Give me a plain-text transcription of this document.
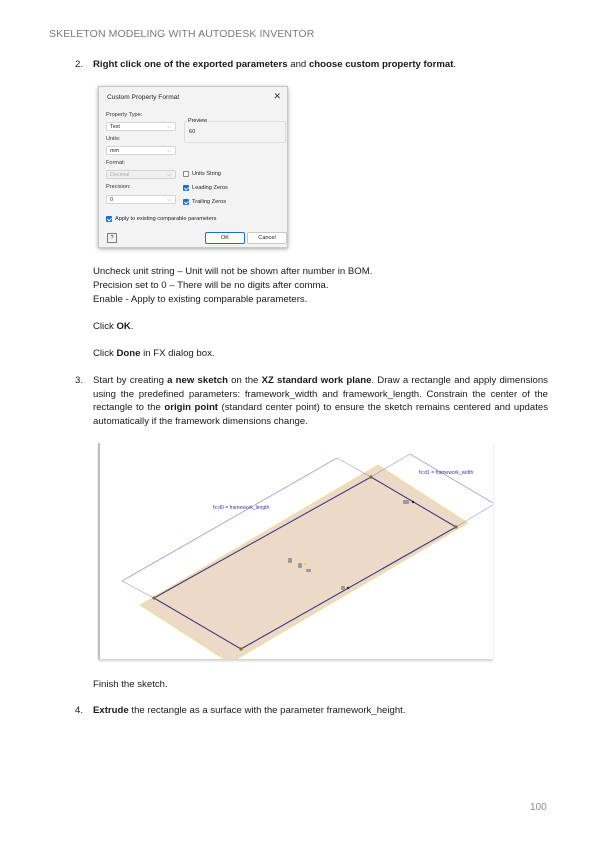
SKELETON MODELING WITH AUTODESK INVENTOR
2. Right click one of the exported parameters and choose custom property format.
Custom Property Format	✕
Property Type:
Text	⌵
Units:
mm	⌵
Preview
60
Format:
Decimal	⌵
Precision:
0	⌵
Units String
Leading Zeros
Trailing Zeros
Apply to existing comparable parameters
?	OK	Cancel
Uncheck unit string – Unit will not be shown after number in BOM.
Precision set to 0 – There will be no digits after comma.
Enable - Apply to existing comparable parameters.
Click OK.
Click Done in FX dialog box.
3. Start by creating a new sketch on the XZ standard work plane. Draw a rectangle and apply dimensions using the predefined parameters: framework_width and framework_length. Constrain the center of the rectangle to the origin point (standard center point) to ensure the sketch remains centered and updates automatically if the framework dimensions change.
fx:d0 = framework_length
fx:d1 = framework_width
Finish the sketch.
4. Extrude the rectangle as a surface with the parameter framework_height.
100
